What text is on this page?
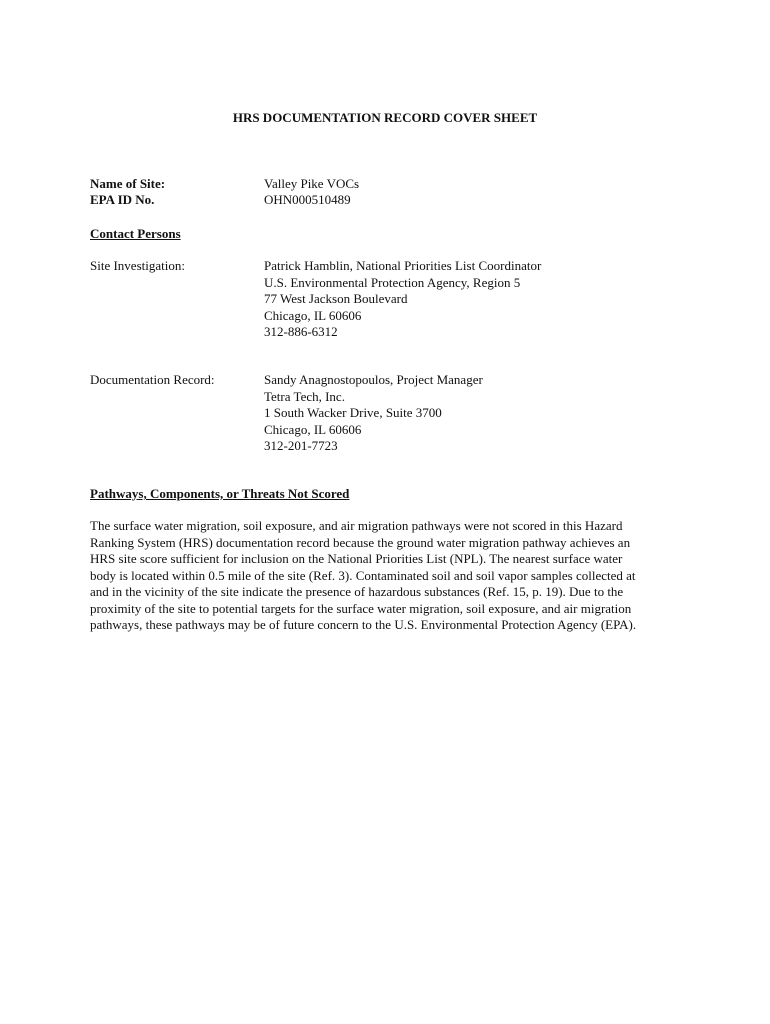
HRS DOCUMENTATION RECORD COVER SHEET
Name of Site:	Valley Pike VOCs
EPA ID No.	OHN000510489
Contact Persons
Site Investigation:	Patrick Hamblin, National Priorities List Coordinator
U.S. Environmental Protection Agency, Region 5
77 West Jackson Boulevard
Chicago, IL 60606
312-886-6312
Documentation Record:	Sandy Anagnostopoulos, Project Manager
Tetra Tech, Inc.
1 South Wacker Drive, Suite 3700
Chicago, IL 60606
312-201-7723
Pathways, Components, or Threats Not Scored
The surface water migration, soil exposure, and air migration pathways were not scored in this Hazard
Ranking System (HRS) documentation record because the ground water migration pathway achieves an
HRS site score sufficient for inclusion on the National Priorities List (NPL). The nearest surface water
body is located within 0.5 mile of the site (Ref. 3). Contaminated soil and soil vapor samples collected at
and in the vicinity of the site indicate the presence of hazardous substances (Ref. 15, p. 19). Due to the
proximity of the site to potential targets for the surface water migration, soil exposure, and air migration
pathways, these pathways may be of future concern to the U.S. Environmental Protection Agency (EPA).
